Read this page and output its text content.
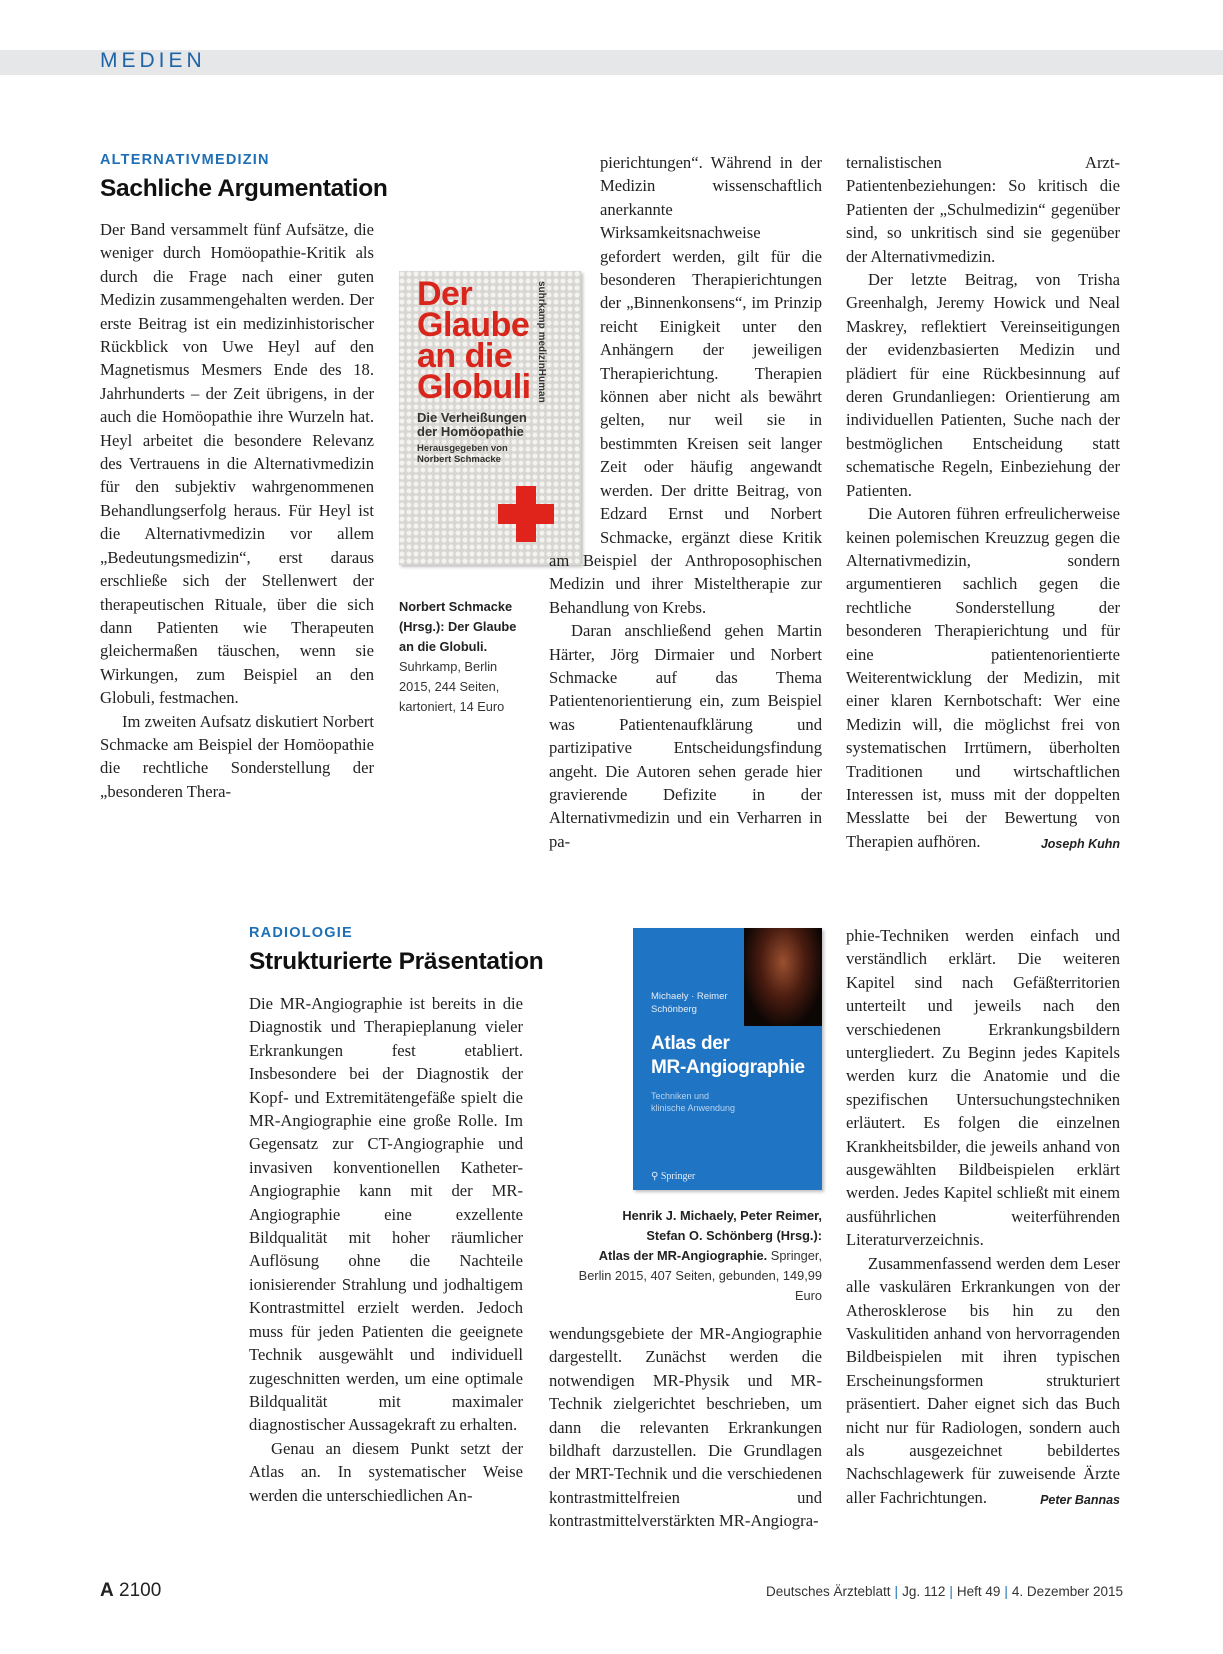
MEDIEN
ALTERNATIVMEDIZIN
Sachliche Argumentation

Der Band versammelt fünf Aufsätze, die weniger durch Homöopathie-Kritik als durch die Frage nach einer guten Medizin zusammengehalten werden. Der erste Beitrag ist ein medizinhistorischer Rückblick von Uwe Heyl auf den Magnetismus Mesmers Ende des 18. Jahrhunderts – der Zeit übrigens, in der auch die Homöopathie ihre Wurzeln hat. Heyl arbeitet die besondere Relevanz des Vertrauens in die Alternativmedizin für den subjektiv wahrgenommenen Behandlungserfolg heraus. Für Heyl ist die Alternativmedizin vor allem „Bedeutungsmedizin“, erst daraus erschließe sich der Stellenwert der therapeutischen Rituale, über die sich dann Patienten wie Therapeuten gleichermaßen täuschen, wenn sie Wirkungen, zum Beispiel an den Globuli, festmachen.

Im zweiten Aufsatz diskutiert Norbert Schmacke am Beispiel der Homöopathie die rechtliche Sonderstellung der „besonderen Thera-

Der
Glaube
an die
Globuli
Die Verheißungen
der Homöopathie
Herausgegeben von
Norbert Schmacke
suhrkamp medizinHuman
Norbert Schmacke
(Hrsg.): Der Glaube
an die Globuli.
Suhrkamp, Berlin
2015, 244 Seiten,
kartoniert, 14 Euro

pierichtungen“. Während in der Medizin wissenschaftlich anerkannte Wirksamkeitsnachweise gefordert werden, gilt für die besonderen Therapierichtungen der „Binnenkonsens“, im Prinzip reicht Einigkeit unter den Anhängern der jeweiligen Therapierichtung. Therapien können aber nicht als bewährt gelten, nur weil sie in bestimmten Kreisen seit langer Zeit oder häufig angewandt werden. Der dritte Beitrag, von Edzard Ernst und Norbert Schmacke, ergänzt diese Kritik am Beispiel der Anthroposophischen Medizin und ihrer Misteltherapie zur Behandlung von Krebs.

Daran anschließend gehen Martin Härter, Jörg Dirmaier und Norbert Schmacke auf das Thema Patientenorientierung ein, zum Beispiel was Patientenaufklärung und partizipative Entscheidungsfindung angeht. Die Autoren sehen gerade hier gravierende Defizite in der Alternativmedizin und ein Verharren in pa-

ternalistischen Arzt-Patientenbeziehungen: So kritisch die Patienten der „Schulmedizin“ gegenüber sind, so unkritisch sind sie gegenüber der Alternativmedizin.

Der letzte Beitrag, von Trisha Greenhalgh, Jeremy Howick und Neal Maskrey, reflektiert Vereinseitigungen der evidenzbasierten Medizin und plädiert für eine Rückbesinnung auf deren Grundanliegen: Orientierung am individuellen Patienten, Suche nach der bestmöglichen Entscheidung statt schematische Regeln, Einbeziehung der Patienten.

Die Autoren führen erfreulicherweise keinen polemischen Kreuzzug gegen die Alternativmedizin, sondern argumentieren sachlich gegen die rechtliche Sonderstellung der besonderen Therapierichtung und für eine patientenorientierte Weiterentwicklung der Medizin, mit einer klaren Kernbotschaft: Wer eine Medizin will, die möglichst frei von systematischen Irrtümern, überholten Traditionen und wirtschaftlichen Interessen ist, muss mit der doppelten Messlatte bei der Bewertung von Therapien aufhören.	Joseph Kuhn

RADIOLOGIE
Strukturierte Präsentation

Die MR-Angiographie ist bereits in die Diagnostik und Therapieplanung vieler Erkrankungen fest etabliert. Insbesondere bei der Diagnostik der Kopf- und Extremitätengefäße spielt die MR-Angiographie eine große Rolle. Im Gegensatz zur CT-Angiographie und invasiven konventionellen Katheter-Angiographie kann mit der MR-Angiographie eine exzellente Bildqualität mit hoher räumlicher Auflösung ohne die Nachteile ionisierender Strahlung und jodhaltigem Kontrastmittel erzielt werden. Jedoch muss für jeden Patienten die geeignete Technik ausgewählt und individuell zugeschnitten werden, um eine optimale Bildqualität mit maximaler diagnostischer Aussagekraft zu erhalten.

Genau an diesem Punkt setzt der Atlas an. In systematischer Weise werden die unterschiedlichen An-

Michaely · Reimer
Schönberg
Atlas der
MR-Angiographie
Techniken und
klinische Anwendung
⚲ Springer
Henrik J. Michaely, Peter Reimer,
Stefan O. Schönberg (Hrsg.):
Atlas der MR-Angiographie. Springer,
Berlin 2015, 407 Seiten, gebunden, 149,99 Euro

wendungsgebiete der MR-Angiographie dargestellt. Zunächst werden die notwendigen MR-Physik und MR-Technik zielgerichtet beschrieben, um dann die relevanten Erkrankungen bildhaft darzustellen. Die Grundlagen der MRT-Technik und die verschiedenen kontrastmittelfreien und kontrastmittelverstärkten MR-Angiogra-

phie-Techniken werden einfach und verständlich erklärt. Die weiteren Kapitel sind nach Gefäßterritorien unterteilt und jeweils nach den verschiedenen Erkrankungsbildern untergliedert. Zu Beginn jedes Kapitels werden kurz die Anatomie und die spezifischen Untersuchungstechniken erläutert. Es folgen die einzelnen Krankheitsbilder, die jeweils anhand von ausgewählten Bildbeispielen erklärt werden. Jedes Kapitel schließt mit einem ausführlichen weiterführenden Literaturverzeichnis.

Zusammenfassend werden dem Leser alle vaskulären Erkrankungen von der Atherosklerose bis hin zu den Vaskulitiden anhand von hervorragenden Bildbeispielen mit ihren typischen Erscheinungsformen strukturiert präsentiert. Daher eignet sich das Buch nicht nur für Radiologen, sondern auch als ausgezeichnet bebildertes Nachschlagewerk für zuweisende Ärzte aller Fachrichtungen.	Peter Bannas

A 2100	Deutsches Ärzteblatt | Jg. 112 | Heft 49 | 4. Dezember 2015
